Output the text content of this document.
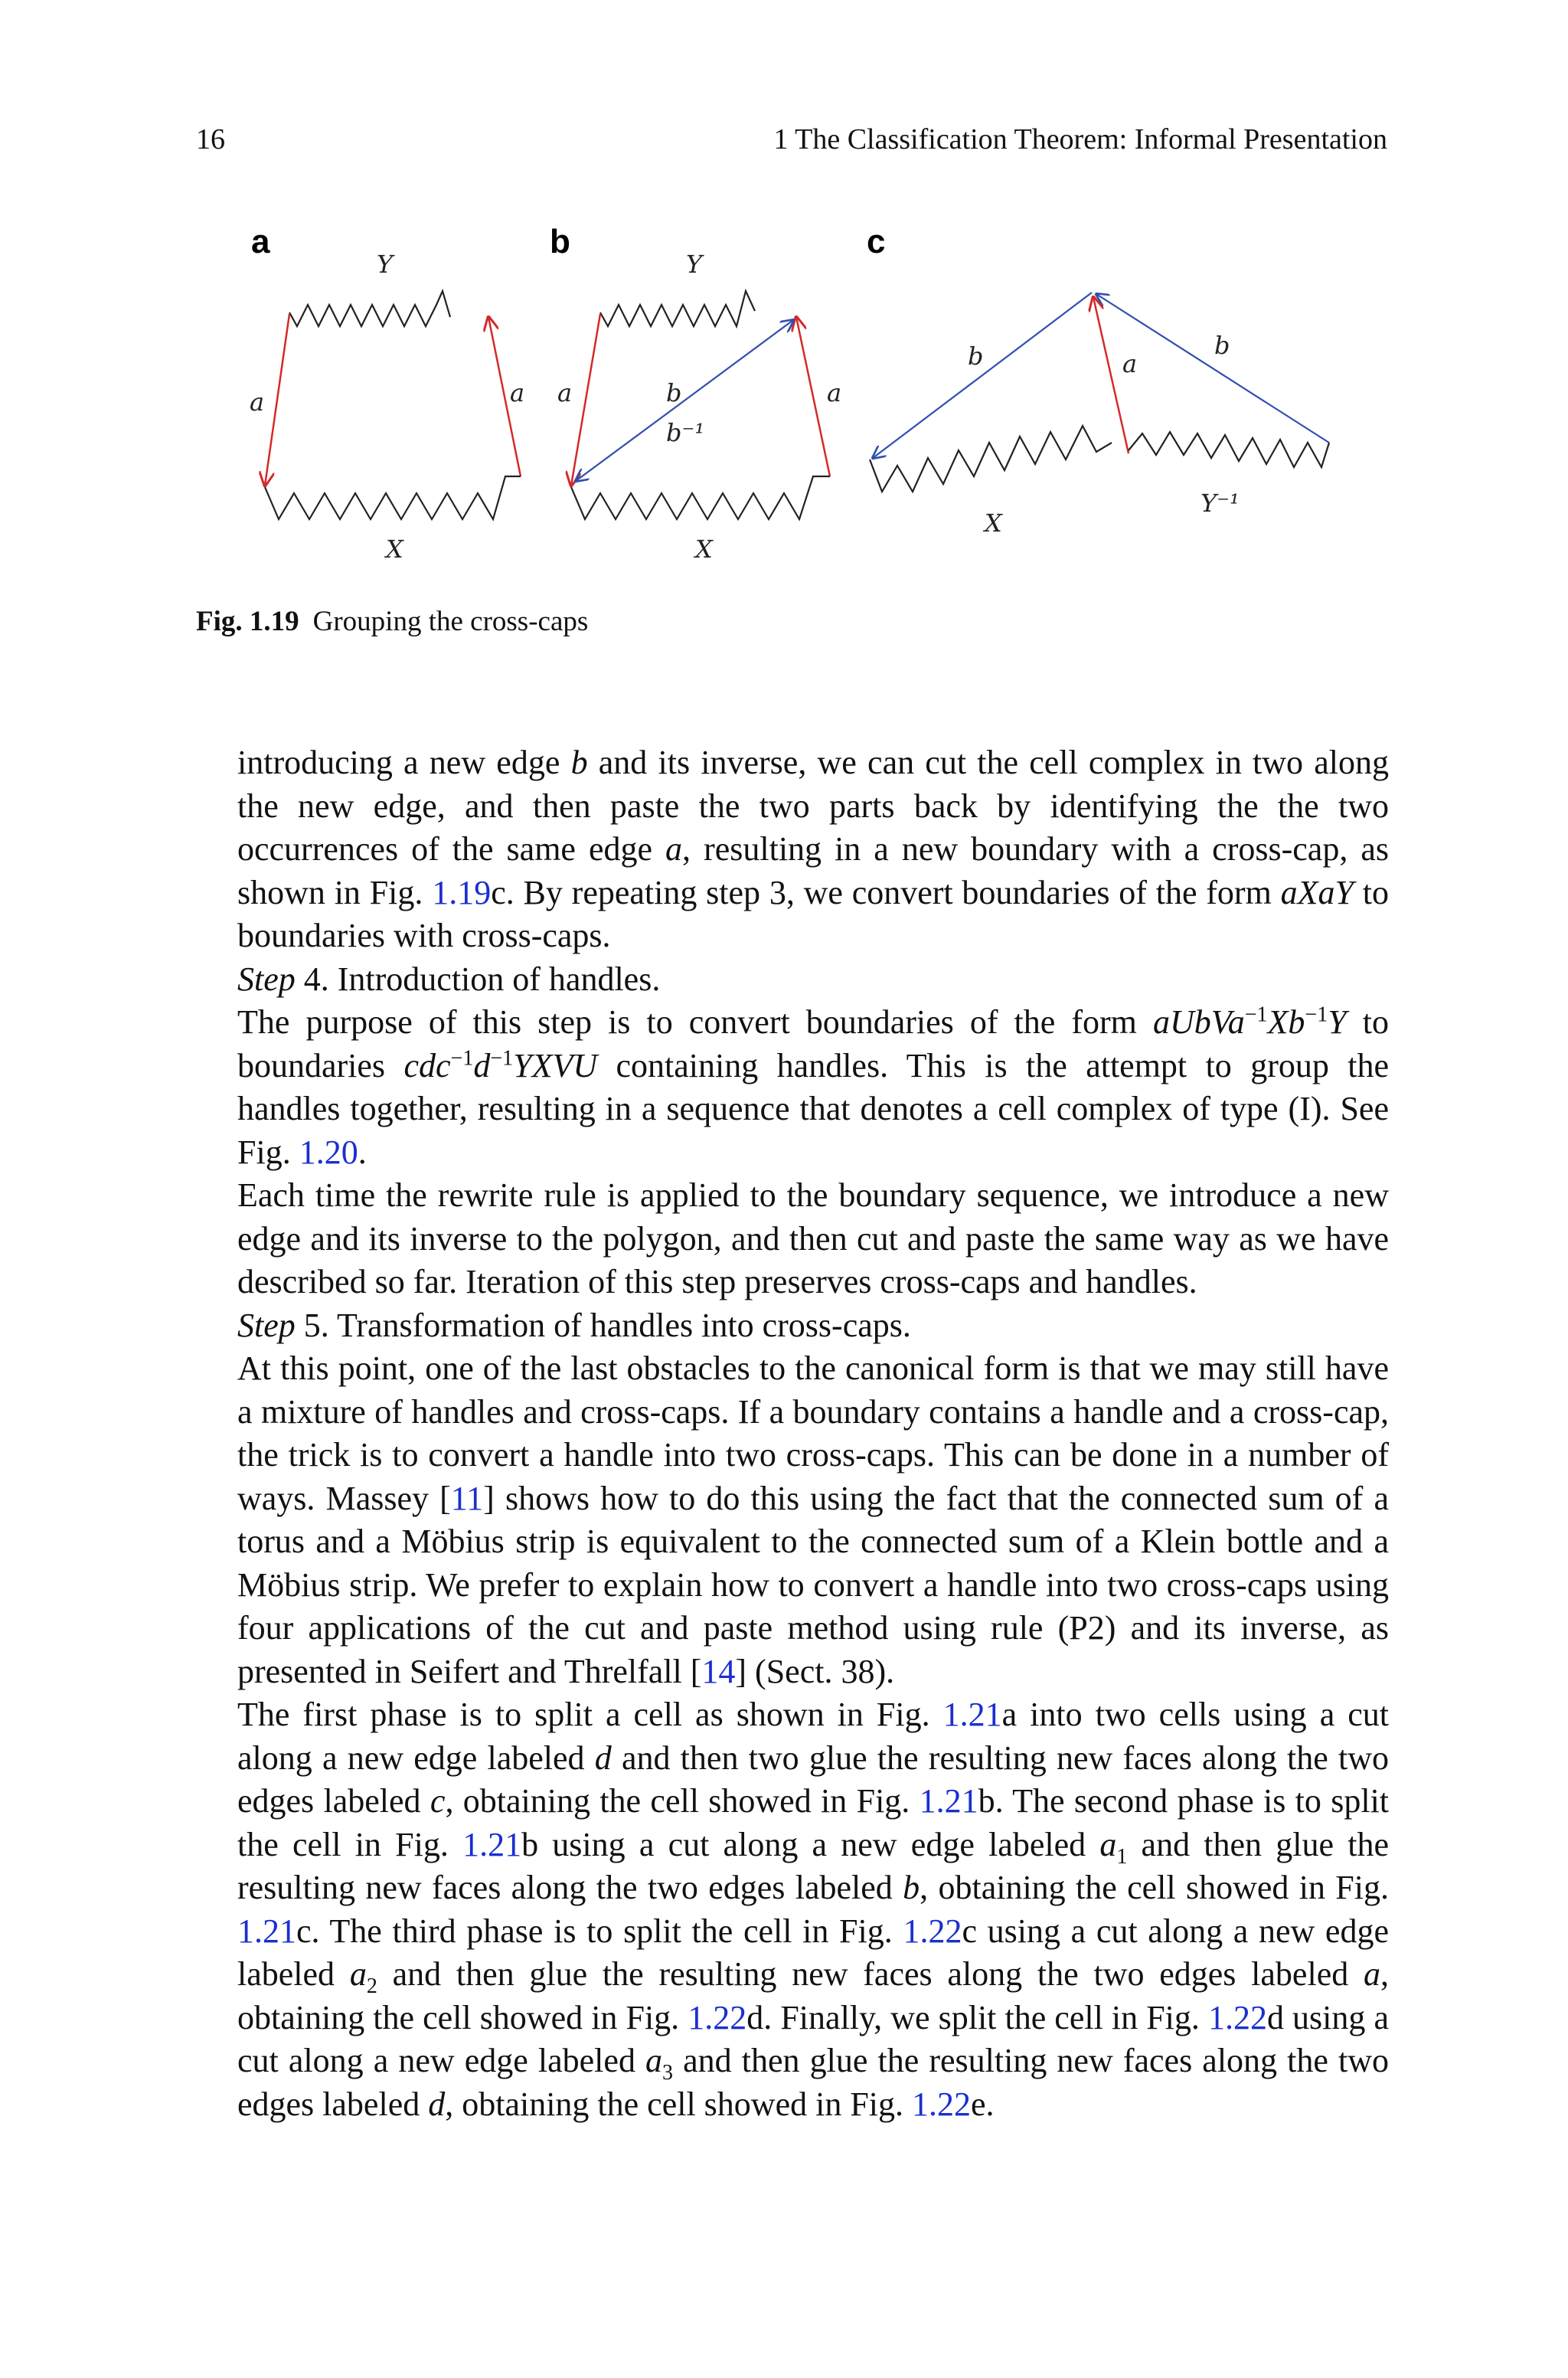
16	1 The Classification Theorem: Informal Presentation
a
Y
a	a
X
b
Y
a	a
b
b⁻¹
X
c
b	a
b
X
Y⁻¹
Fig. 1.19 Grouping the cross-caps

introducing a new edge b and its inverse, we can cut the cell complex in two along the new edge, and then paste the two parts back by identifying the the two occurrences of the same edge a, resulting in a new boundary with a cross-cap, as shown in Fig. 1.19c. By repeating step 3, we convert boundaries of the form aXaY to boundaries with cross-caps.

Step 4. Introduction of handles.

The purpose of this step is to convert boundaries of the form $aUbVa^{-1}Xb^{-1}Y$ to boundaries $cdc^{-1}d^{-1}YXVU$ containing handles. This is the attempt to group the handles together, resulting in a sequence that denotes a cell complex of type (I). See Fig. 1.20.

Each time the rewrite rule is applied to the boundary sequence, we introduce a new edge and its inverse to the polygon, and then cut and paste the same way as we have described so far. Iteration of this step preserves cross-caps and handles.

Step 5. Transformation of handles into cross-caps.

At this point, one of the last obstacles to the canonical form is that we may still have a mixture of handles and cross-caps. If a boundary contains a handle and a cross-cap, the trick is to convert a handle into two cross-caps. This can be done in a number of ways. Massey [11] shows how to do this using the fact that the connected sum of a torus and a Möbius strip is equivalent to the connected sum of a Klein bottle and a Möbius strip. We prefer to explain how to convert a handle into two cross-caps using four applications of the cut and paste method using rule (P2) and its inverse, as presented in Seifert and Threlfall [14] (Sect. 38).

The first phase is to split a cell as shown in Fig. 1.21a into two cells using a cut along a new edge labeled d and then two glue the resulting new faces along the two edges labeled c, obtaining the cell showed in Fig. 1.21b. The second phase is to split the cell in Fig. 1.21b using a cut along a new edge labeled $a_1$ and then glue the resulting new faces along the two edges labeled b, obtaining the cell showed in Fig. 1.21c. The third phase is to split the cell in Fig. 1.22c using a cut along a new edge labeled $a_2$ and then glue the resulting new faces along the two edges labeled a, obtaining the cell showed in Fig. 1.22d. Finally, we split the cell in Fig. 1.22d using a cut along a new edge labeled $a_3$ and then glue the resulting new faces along the two edges labeled d, obtaining the cell showed in Fig. 1.22e.
